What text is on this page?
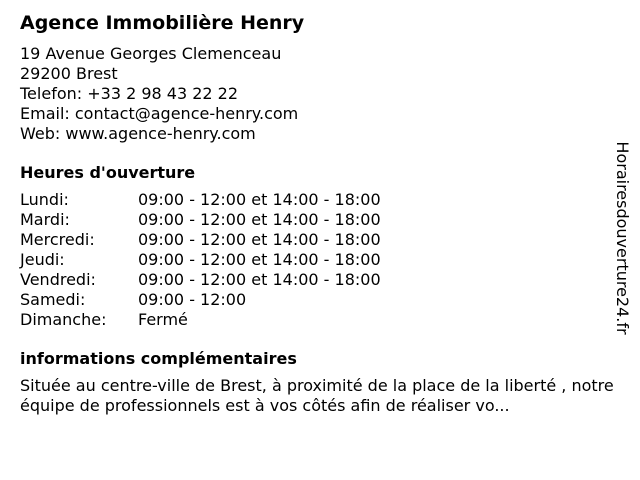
Agence Immobilière Henry
19 Avenue Georges Clemenceau
29200 Brest
Telefon: +33 2 98 43 22 22
Email: contact@agence-henry.com
Web: www.agence-henry.com
Heures d'ouverture
Lundi:	09:00 - 12:00 et 14:00 - 18:00
Mardi:	09:00 - 12:00 et 14:00 - 18:00
Mercredi:	09:00 - 12:00 et 14:00 - 18:00
Jeudi:	09:00 - 12:00 et 14:00 - 18:00
Vendredi:	09:00 - 12:00 et 14:00 - 18:00
Samedi:	09:00 - 12:00
Dimanche:	Fermé
informations complémentaires
Située au centre-ville de Brest, à proximité de la place de la liberté , notre équipe de professionnels est à vos côtés afin de réaliser vo...
Horairesdouverture24.fr
